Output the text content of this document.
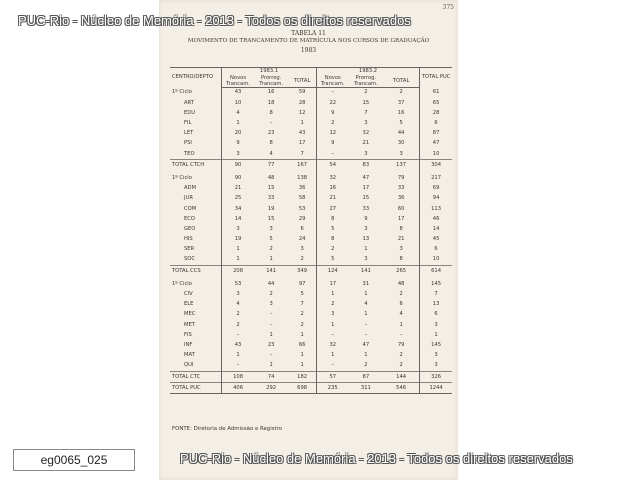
375
TABELA 11
MOVIMENTO DE TRANCAMENTO DE MATRÍCULA NOS CURSOS DE GRADUAÇÃO
1983
CENTRO/DEPTO	1983.1			1983.2			TOTAL PUC
	Novos Trancam.	Prorrog. Trancam.	TOTAL	Novos Trancam.	Prorrog. Trancam.	TOTAL	
1º Ciclo	43	16	59	–	2	2	61
ART	10	18	28	22	15	37	65
EDU	4	8	12	9	7	16	28
FIL	1	–	1	2	3	5	6
LET	20	23	43	12	32	44	87
PSI	9	8	17	9	21	30	47
TEO	3	4	7	–	3	3	10
TOTAL CTCH	90	77	167	54	83	137	304

1º Ciclo	90	48	138	32	47	79	217
ADM	21	15	36	16	17	33	69
JUR	25	33	58	21	15	36	94
COM	34	19	53	27	33	60	113
ECO	14	15	29	8	9	17	46
GEO	3	3	6	5	3	8	14
HIS	19	5	24	8	13	21	45
SER	1	2	3	2	1	3	6
SOC	1	1	2	5	3	8	10
TOTAL CCS	208	141	349	124	141	265	614

1º Ciclo	53	44	97	17	31	48	145
CIV	3	2	5	1	1	2	7
ELE	4	3	7	2	4	6	13
MEC	2	–	2	3	1	4	6
MET	2	–	2	1	–	1	3
FIS	–	1	1	–	–	–	1
INF	43	23	66	32	47	79	145
MAT	1	–	1	1	1	2	3
QUI	–	1	1	–	2	2	3
TOTAL CTC	108	74	182	57	87	144	326
TOTAL PUC	406	292	698	235	311	546	1244
FONTE: Diretoria de Admissão e Registro
PUC-Rio - Núcleo de Memória - 2013 - Todos os direitos reservados
PUC-Rio - Núcleo de Memória - 2013 - Todos os direitos reservados
eg0065_025
